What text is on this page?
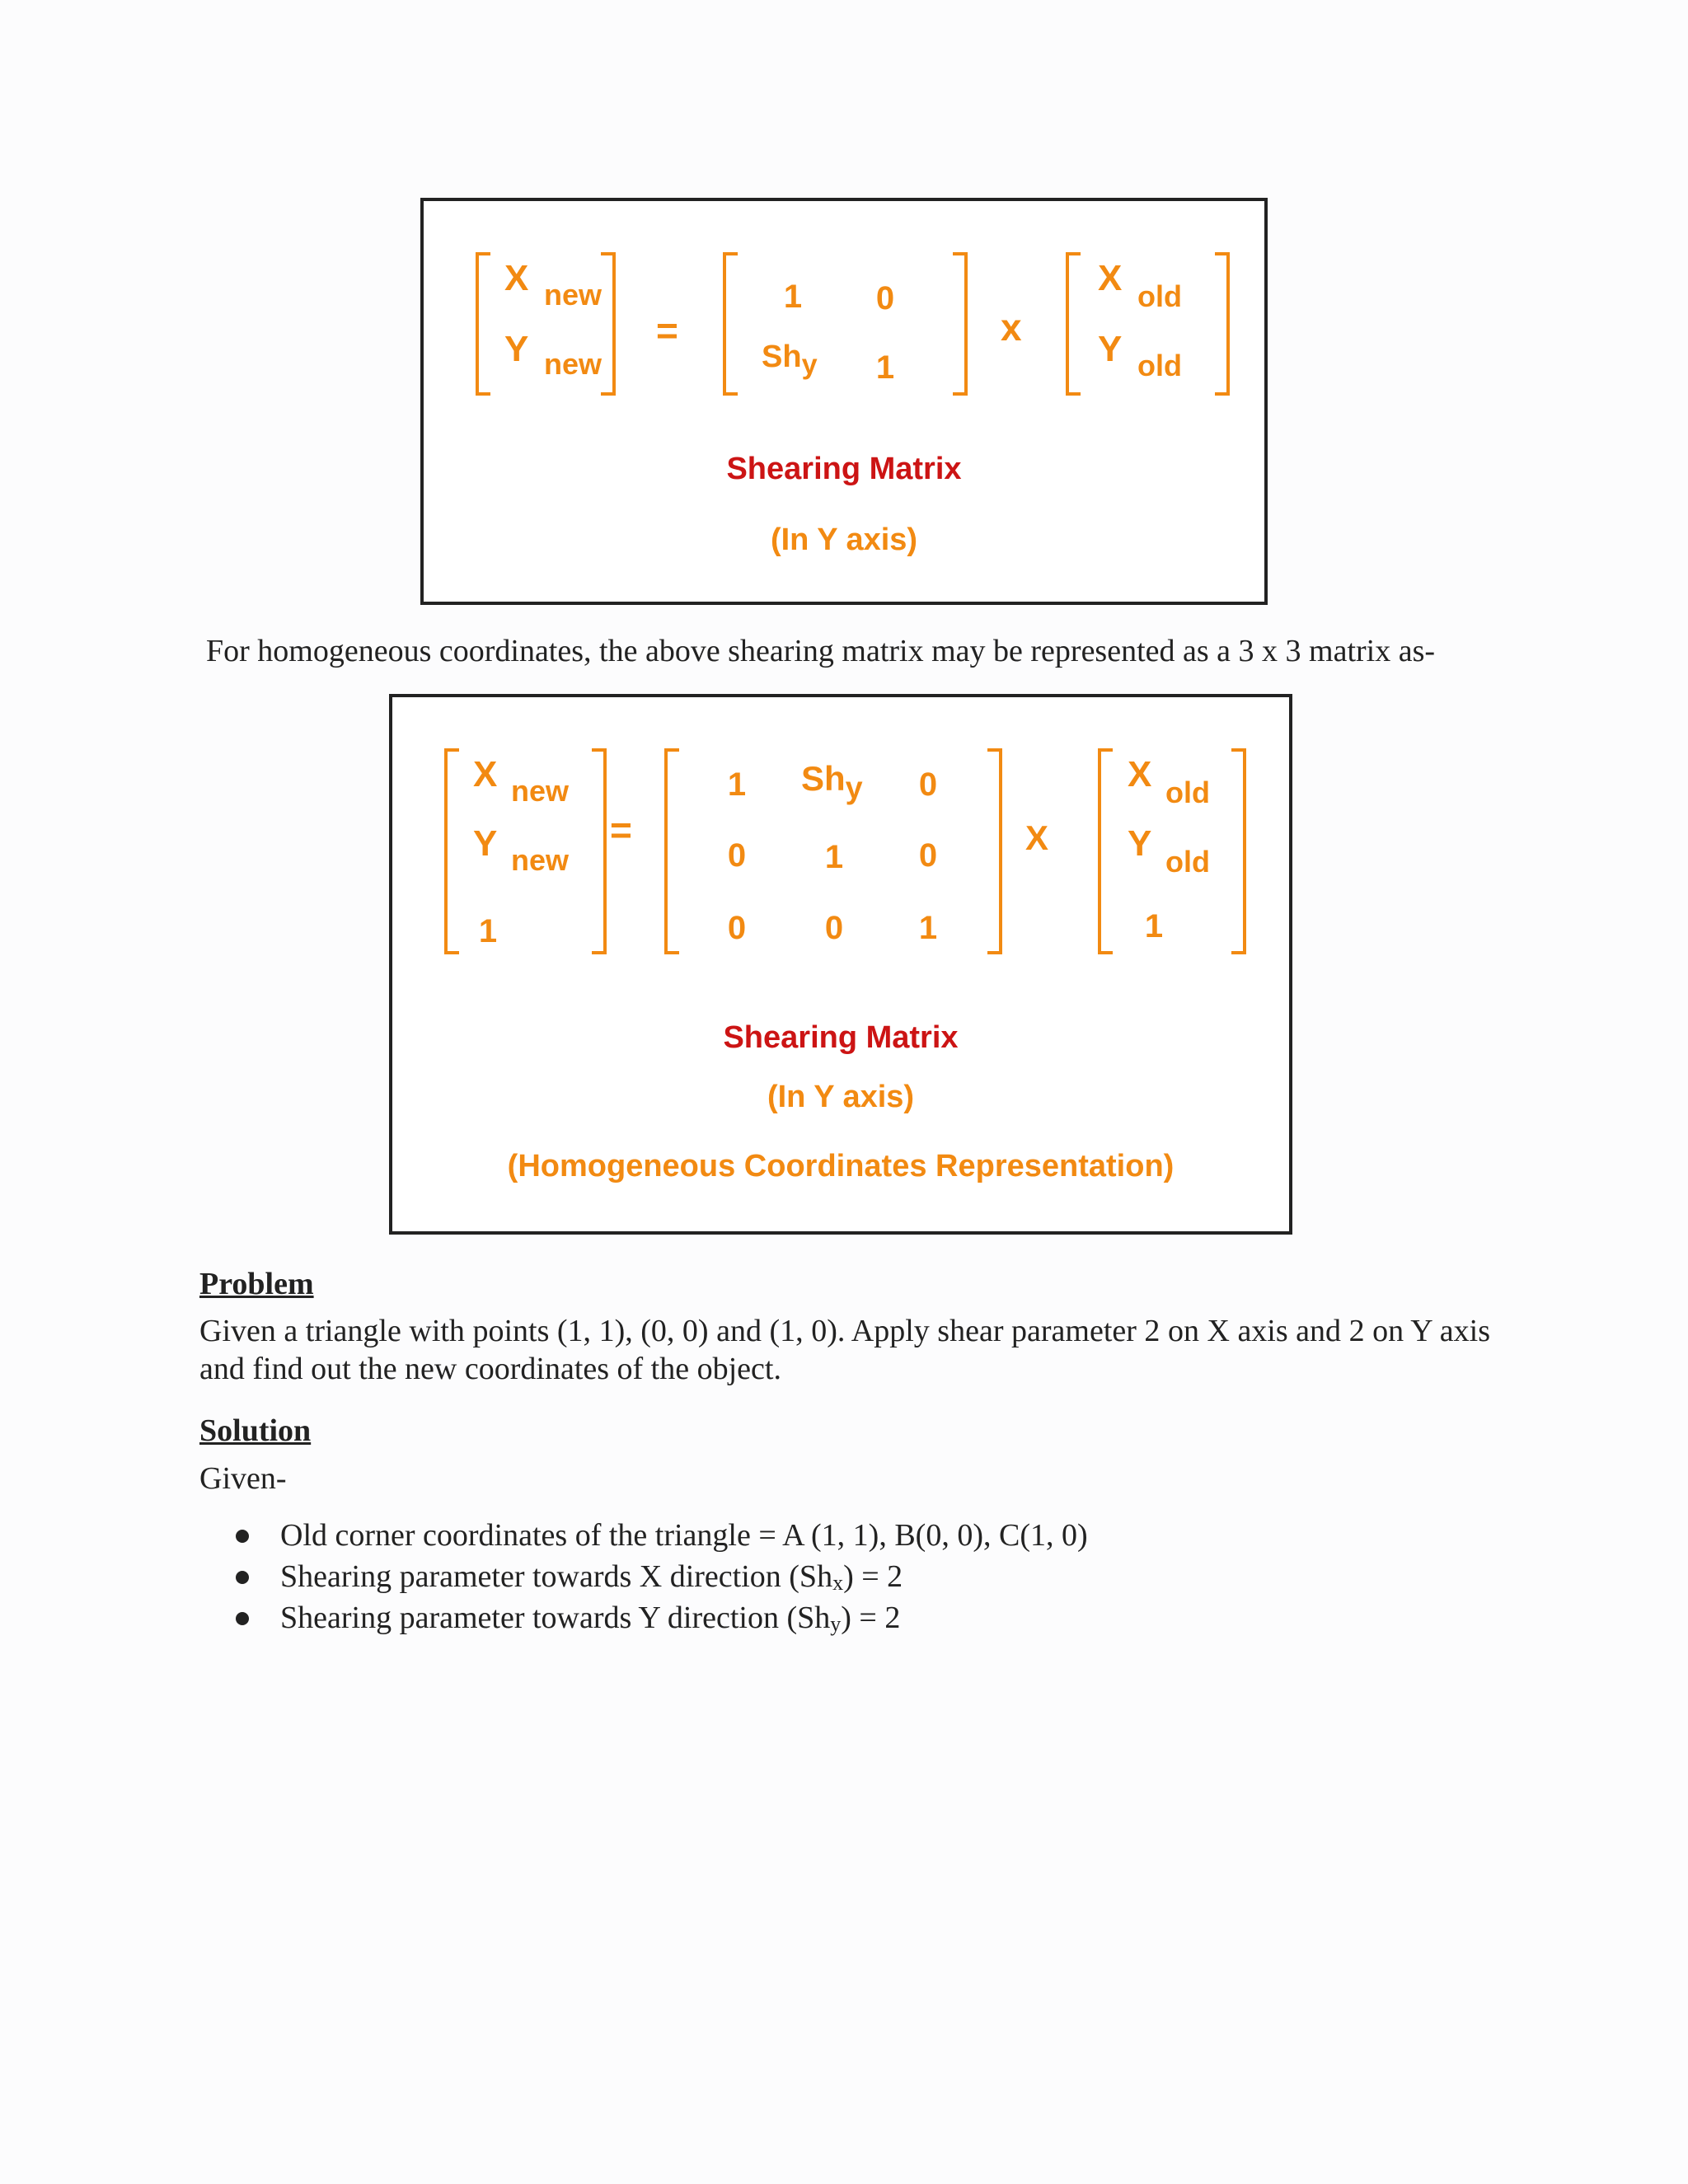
X new
Y new
=
1	0
$Sh_y$	1
x
X old
Y old
Shearing Matrix
(In Y axis)
For homogeneous coordinates, the above shearing matrix may be represented as a 3 x 3 matrix as-
X new
Y new
1
=
1	$Sh_y$	0
0	1	0
0	0	1
X
X old
Y old
1
Shearing Matrix
(In Y axis)
(Homogeneous Coordinates Representation)
Problem
Given a triangle with points (1, 1), (0, 0) and (1, 0). Apply shear parameter 2 on X axis and 2 on Y axis and find out the new coordinates of the object.
Solution
Given-
Old corner coordinates of the triangle = A (1, 1), B(0, 0), C(1, 0)
Shearing parameter towards X direction (Shx) = 2
Shearing parameter towards Y direction (Shy) = 2
